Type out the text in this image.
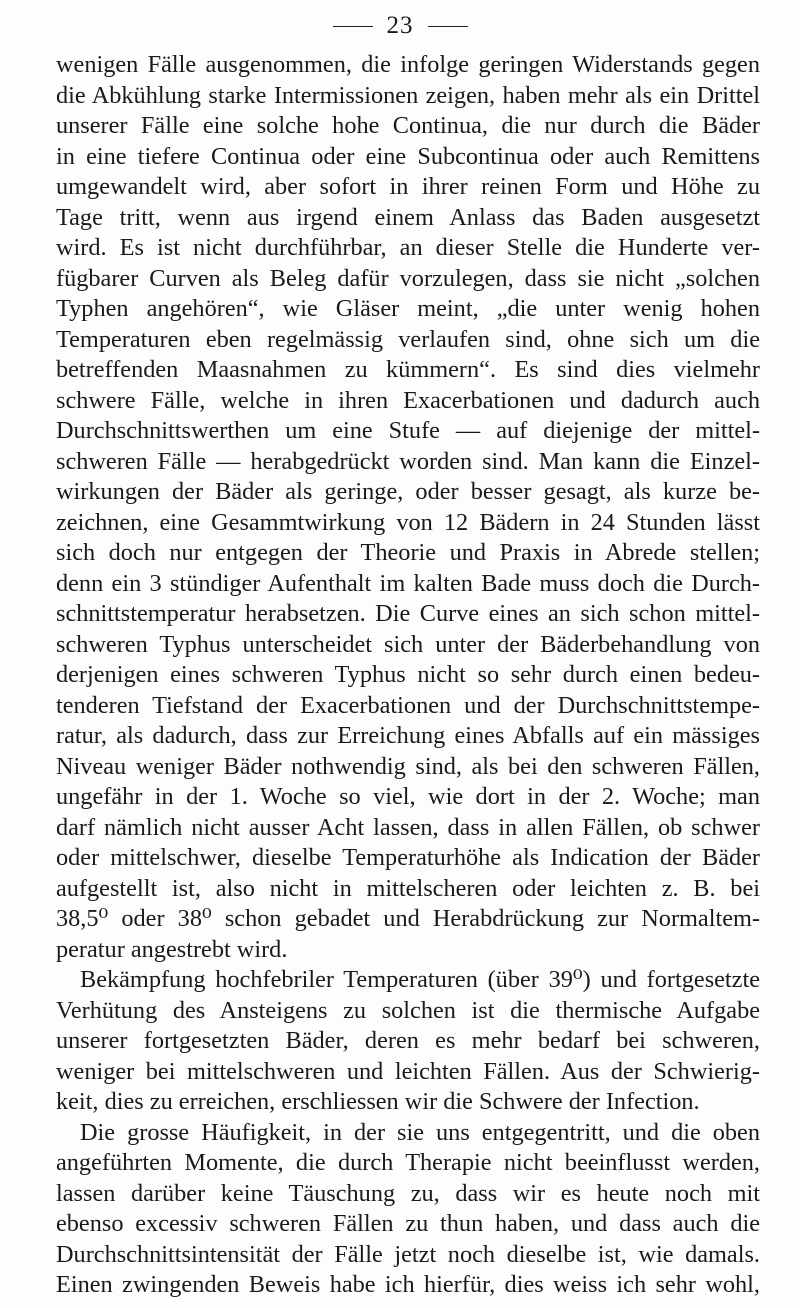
23
wenigen Fälle ausgenommen, die infolge geringen Widerstands gegen
die Abkühlung starke Intermissionen zeigen, haben mehr als ein Drittel
unserer Fälle eine solche hohe Continua, die nur durch die Bäder
in eine tiefere Continua oder eine Subcontinua oder auch Remittens
umgewandelt wird, aber sofort in ihrer reinen Form und Höhe zu
Tage tritt, wenn aus irgend einem Anlass das Baden ausgesetzt
wird. Es ist nicht durchführbar, an dieser Stelle die Hunderte ver-
fügbarer Curven als Beleg dafür vorzulegen, dass sie nicht „solchen
Typhen angehören“, wie Gläser meint, „die unter wenig hohen
Temperaturen eben regelmässig verlaufen sind, ohne sich um die
betreffenden Maasnahmen zu kümmern“. Es sind dies vielmehr
schwere Fälle, welche in ihren Exacerbationen und dadurch auch
Durchschnittswerthen um eine Stufe — auf diejenige der mittel-
schweren Fälle — herabgedrückt worden sind. Man kann die Einzel-
wirkungen der Bäder als geringe, oder besser gesagt, als kurze be-
zeichnen, eine Gesammtwirkung von 12 Bädern in 24 Stunden lässt
sich doch nur entgegen der Theorie und Praxis in Abrede stellen;
denn ein 3 stündiger Aufenthalt im kalten Bade muss doch die Durch-
schnittstemperatur herabsetzen. Die Curve eines an sich schon mittel-
schweren Typhus unterscheidet sich unter der Bäderbehandlung von
derjenigen eines schweren Typhus nicht so sehr durch einen bedeu-
tenderen Tiefstand der Exacerbationen und der Durchschnittstempe-
ratur, als dadurch, dass zur Erreichung eines Abfalls auf ein mässiges
Niveau weniger Bäder nothwendig sind, als bei den schweren Fällen,
ungefähr in der 1. Woche so viel, wie dort in der 2. Woche; man
darf nämlich nicht ausser Acht lassen, dass in allen Fällen, ob schwer
oder mittelschwer, dieselbe Temperaturhöhe als Indication der Bäder
aufgestellt ist, also nicht in mittelscheren oder leichten z. B. bei
38,5⁰ oder 38⁰ schon gebadet und Herabdrückung zur Normaltem-
peratur angestrebt wird.
Bekämpfung hochfebriler Temperaturen (über 39⁰) und fortgesetzte
Verhütung des Ansteigens zu solchen ist die thermische Aufgabe
unserer fortgesetzten Bäder, deren es mehr bedarf bei schweren,
weniger bei mittelschweren und leichten Fällen. Aus der Schwierig-
keit, dies zu erreichen, erschliessen wir die Schwere der Infection.
Die grosse Häufigkeit, in der sie uns entgegentritt, und die oben
angeführten Momente, die durch Therapie nicht beeinflusst werden,
lassen darüber keine Täuschung zu, dass wir es heute noch mit
ebenso excessiv schweren Fällen zu thun haben, und dass auch die
Durchschnittsintensität der Fälle jetzt noch dieselbe ist, wie damals.
Einen zwingenden Beweis habe ich hierfür, dies weiss ich sehr wohl,
